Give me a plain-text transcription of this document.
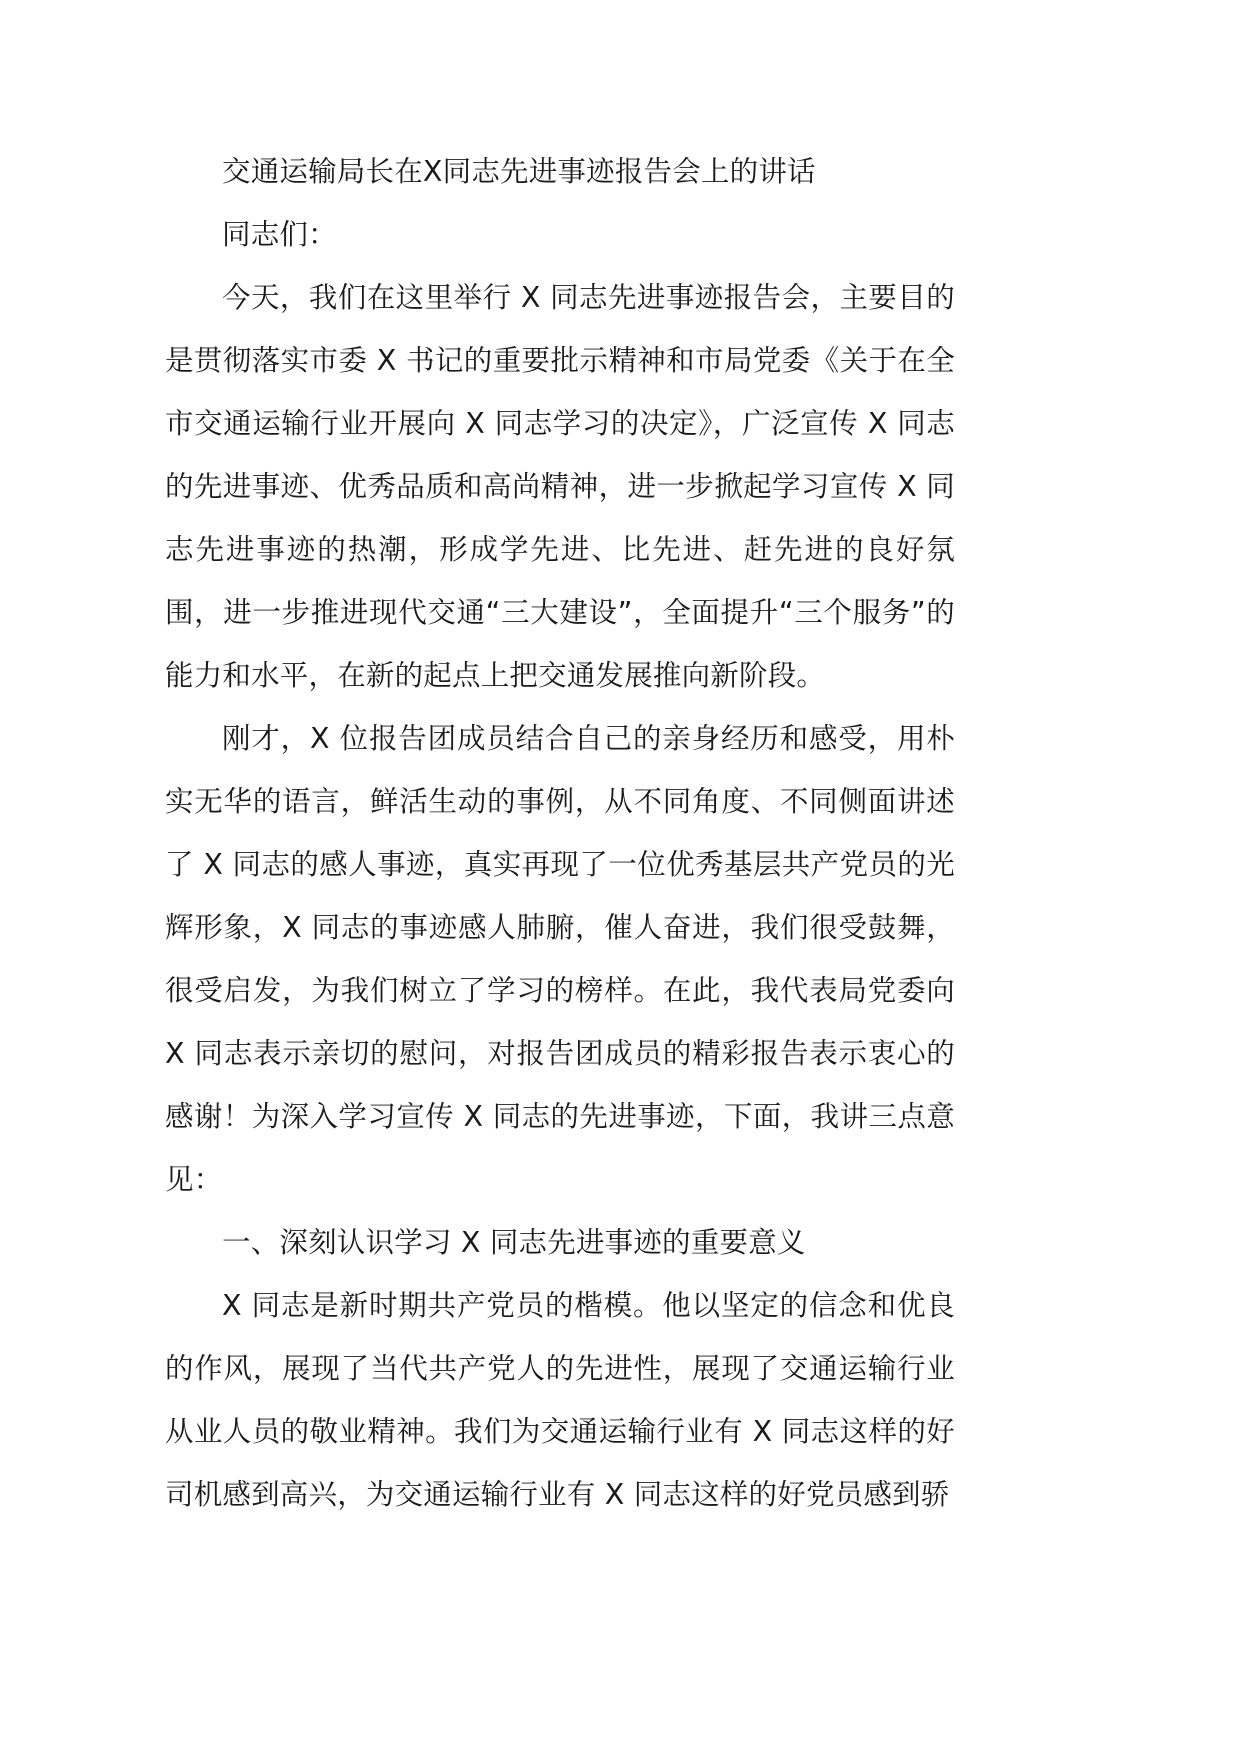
交通运输局长在X同志先进事迹报告会上的讲话

同志们：

今天，我们在这里举行 X 同志先进事迹报告会，主要目的是贯彻落实市委 X 书记的重要批示精神和市局党委《关于在全市交通运输行业开展向 X 同志学习的决定》，广泛宣传 X 同志的先进事迹、优秀品质和高尚精神，进一步掀起学习宣传 X 同志先进事迹的热潮，形成学先进、比先进、赶先进的良好氛围，进一步推进现代交通“三大建设”，全面提升“三个服务”的能力和水平，在新的起点上把交通发展推向新阶段。

刚才，X 位报告团成员结合自己的亲身经历和感受，用朴实无华的语言，鲜活生动的事例，从不同角度、不同侧面讲述了 X 同志的感人事迹，真实再现了一位优秀基层共产党员的光辉形象，X 同志的事迹感人肺腑，催人奋进，我们很受鼓舞，很受启发，为我们树立了学习的榜样。在此，我代表局党委向 X 同志表示亲切的慰问，对报告团成员的精彩报告表示衷心的感谢！为深入学习宣传 X 同志的先进事迹，下面，我讲三点意见：

一、深刻认识学习 X 同志先进事迹的重要意义

X 同志是新时期共产党员的楷模。他以坚定的信念和优良的作风，展现了当代共产党人的先进性，展现了交通运输行业从业人员的敬业精神。我们为交通运输行业有 X 同志这样的好司机感到高兴，为交通运输行业有 X 同志这样的好党员感到骄
